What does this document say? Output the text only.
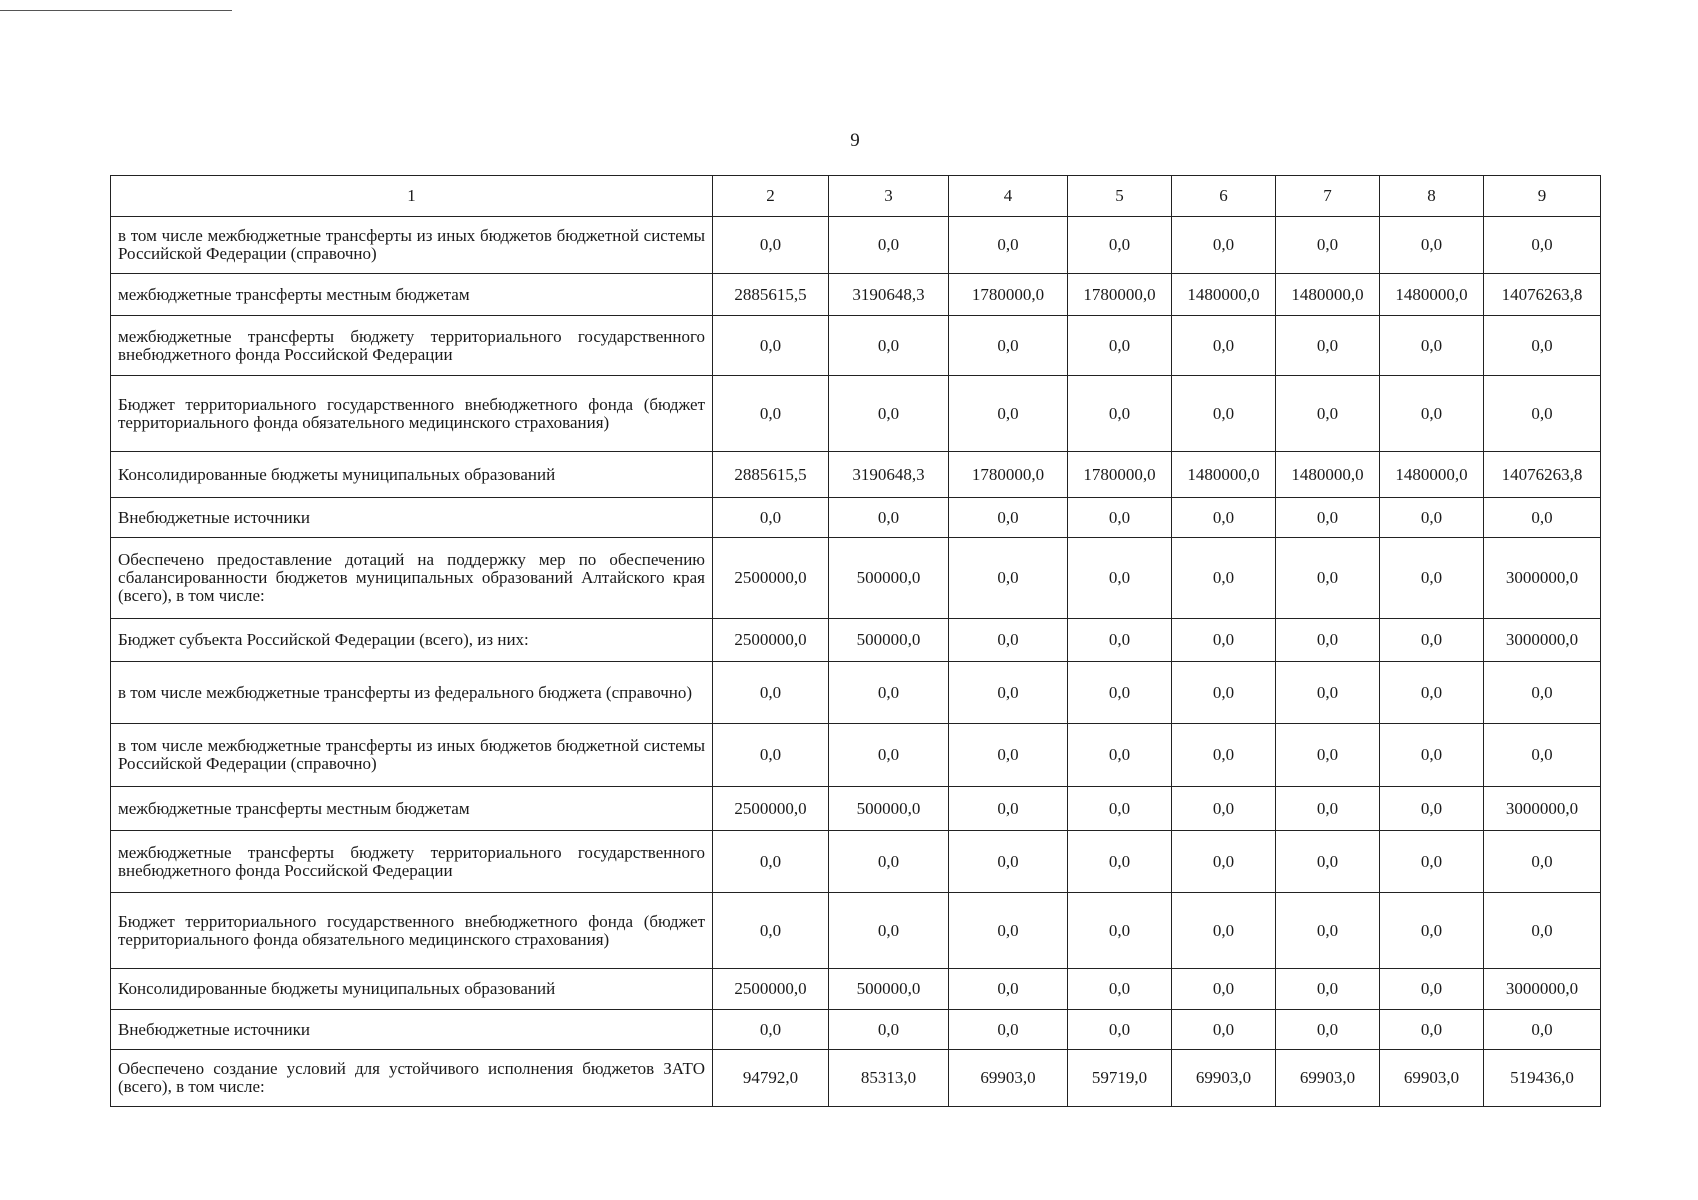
9
1	2	3	4	5	6	7	8	9
в том числе межбюджетные трансферты из иных бюджетов бюджетной системы Российской Федерации (справочно)	0,0	0,0	0,0	0,0	0,0	0,0	0,0	0,0
межбюджетные трансферты местным бюджетам	2885615,5	3190648,3	1780000,0	1780000,0	1480000,0	1480000,0	1480000,0	14076263,8
межбюджетные трансферты бюджету территориального государственного внебюджетного фонда Российской Федерации	0,0	0,0	0,0	0,0	0,0	0,0	0,0	0,0
Бюджет территориального государственного внебюджетного фонда (бюджет территориального фонда обязательного медицинского страхования)	0,0	0,0	0,0	0,0	0,0	0,0	0,0	0,0
Консолидированные бюджеты муниципальных образований	2885615,5	3190648,3	1780000,0	1780000,0	1480000,0	1480000,0	1480000,0	14076263,8
Внебюджетные источники	0,0	0,0	0,0	0,0	0,0	0,0	0,0	0,0
Обеспечено предоставление дотаций на поддержку мер по обеспечению сбалансированности бюджетов муниципальных образований Алтайского края (всего), в том числе:	2500000,0	500000,0	0,0	0,0	0,0	0,0	0,0	3000000,0
Бюджет субъекта Российской Федерации (всего), из них:	2500000,0	500000,0	0,0	0,0	0,0	0,0	0,0	3000000,0
в том числе межбюджетные трансферты из федерального бюджета (справочно)	0,0	0,0	0,0	0,0	0,0	0,0	0,0	0,0
в том числе межбюджетные трансферты из иных бюджетов бюджетной системы Российской Федерации (справочно)	0,0	0,0	0,0	0,0	0,0	0,0	0,0	0,0
межбюджетные трансферты местным бюджетам	2500000,0	500000,0	0,0	0,0	0,0	0,0	0,0	3000000,0
межбюджетные трансферты бюджету территориального государственного внебюджетного фонда Российской Федерации	0,0	0,0	0,0	0,0	0,0	0,0	0,0	0,0
Бюджет территориального государственного внебюджетного фонда (бюджет территориального фонда обязательного медицинского страхования)	0,0	0,0	0,0	0,0	0,0	0,0	0,0	0,0
Консолидированные бюджеты муниципальных образований	2500000,0	500000,0	0,0	0,0	0,0	0,0	0,0	3000000,0
Внебюджетные источники	0,0	0,0	0,0	0,0	0,0	0,0	0,0	0,0
Обеспечено создание условий для устойчивого исполнения бюджетов ЗАТО (всего), в том числе:	94792,0	85313,0	69903,0	59719,0	69903,0	69903,0	69903,0	519436,0
